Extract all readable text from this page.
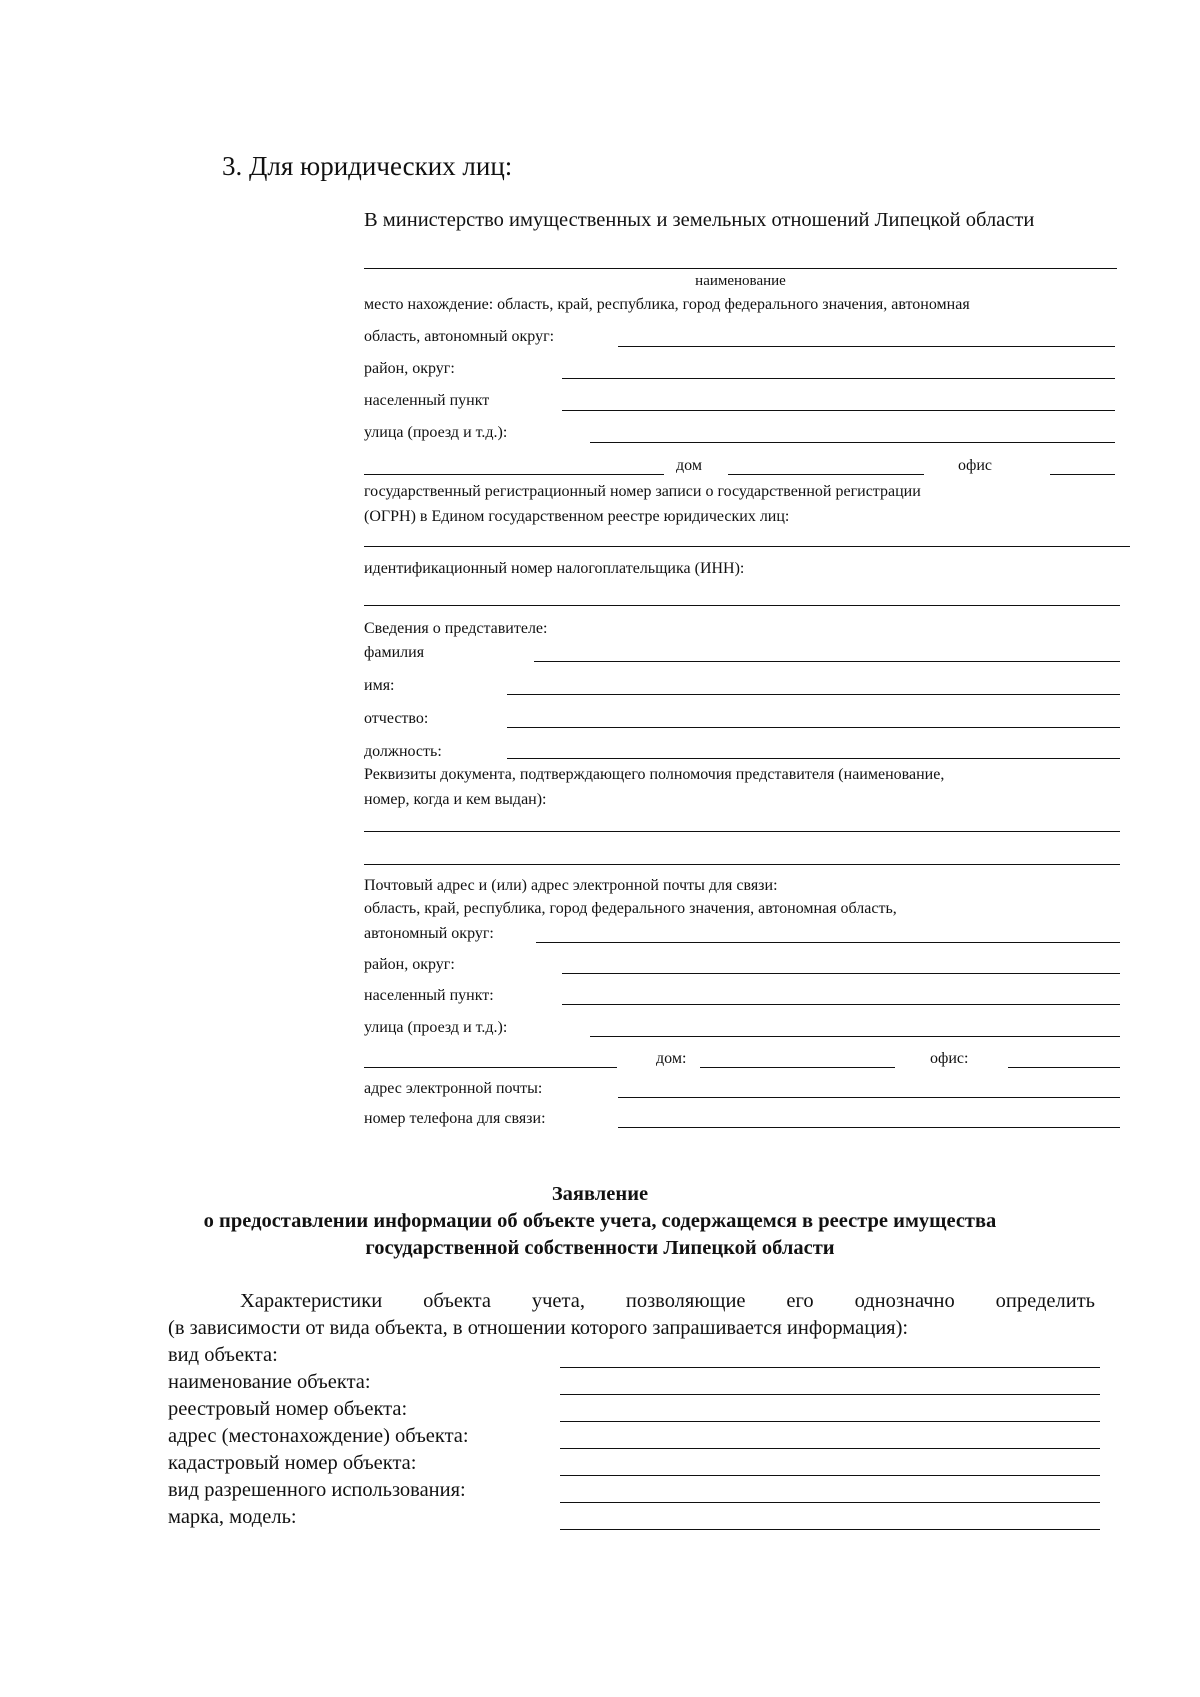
3. Для юридических лиц:
В министерство имущественных и земельных отношений Липецкой области
наименование
место нахождение: область, край, республика, город федерального значения, автономная
область, автономный округ:
район, округ:
населенный пункт
улица (проезд и т.д.):
дом	офис
государственный регистрационный номер записи о государственной регистрации
(ОГРН) в Едином государственном реестре юридических лиц:
идентификационный номер налогоплательщика (ИНН):
Сведения о представителе:
фамилия
имя:
отчество:
должность:
Реквизиты документа, подтверждающего полномочия представителя (наименование,
номер, когда и кем выдан):
Почтовый адрес и (или) адрес электронной почты для связи:
область, край, республика, город федерального значения, автономная область,
автономный округ:
район, округ:
населенный пункт:
улица (проезд и т.д.):
дом:	офис:
адрес электронной почты:
номер телефона для связи:
Заявление
о предоставлении информации об объекте учета, содержащемся в реестре имущества
государственной собственности Липецкой области
Характеристики объекта учета, позволяющие его однозначно определить
(в зависимости от вида объекта, в отношении которого запрашивается информация):
вид объекта:
наименование объекта:
реестровый номер объекта:
адрес (местонахождение) объекта:
кадастровый номер объекта:
вид разрешенного использования:
марка, модель:
